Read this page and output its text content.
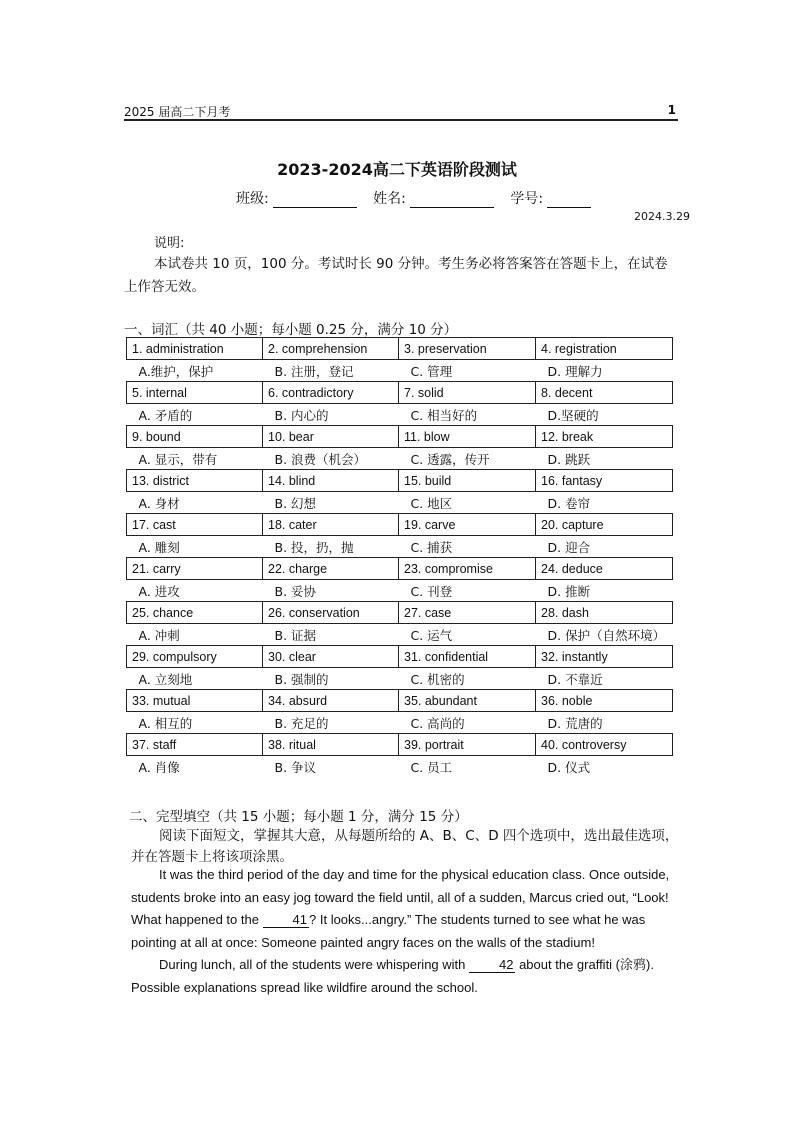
2025 届高二下月考	1
2023-2024高二下英语阶段测试
班级:	姓名:	学号:
2024.3.29
说明:
本试卷共 10 页，100 分。考试时长 90 分钟。考生务必将答案答在答题卡上，在试卷上作答无效。
一、词汇（共 40 小题；每小题 0.25 分，满分 10 分）
1. administration	2. comprehension	3. preservation	4. registration
A.维护，保护	B. 注册，登记	C. 管理	D. 理解力
5. internal	6. contradictory	7. solid	8. decent
A. 矛盾的	B. 内心的	C. 相当好的	D.坚硬的
9. bound	10. bear	11. blow	12. break
A. 显示，带有	B. 浪费（机会）	C. 透露，传开	D. 跳跃
13. district	14. blind	15. build	16. fantasy
A. 身材	B. 幻想	C. 地区	D. 卷帘
17. cast	18. cater	19. carve	20. capture
A. 雕刻	B. 投，扔，抛	C. 捕获	D. 迎合
21. carry	22. charge	23. compromise	24. deduce
A. 进攻	B. 妥协	C. 刊登	D. 推断
25. chance	26. conservation	27. case	28. dash
A. 冲刺	B. 证据	C. 运气	D. 保护（自然环境）
29. compulsory	30. clear	31. confidential	32. instantly
A. 立刻地	B. 强制的	C. 机密的	D. 不靠近
33. mutual	34. absurd	35. abundant	36. noble
A. 相互的	B. 充足的	C. 高尚的	D. 荒唐的
37. staff	38. ritual	39. portrait	40. controversy
A. 肖像	B. 争议	C. 员工	D. 仪式
二、完型填空（共 15 小题；每小题 1 分，满分 15 分）
阅读下面短文，掌握其大意，从每题所给的 A、B、C、D 四个选项中，选出最佳选项，并在答题卡上将该项涂黑。

It was the third period of the day and time for the physical education class. Once outside, students broke into an easy jog toward the field until, all of a sudden, Marcus cried out, “Look! What happened to the 41 ? It looks...angry.” The students turned to see what he was pointing at all at once: Someone painted angry faces on the walls of the stadium!

During lunch, all of the students were whispering with 42 about the graffiti (涂鸦). Possible explanations spread like wildfire around the school.
